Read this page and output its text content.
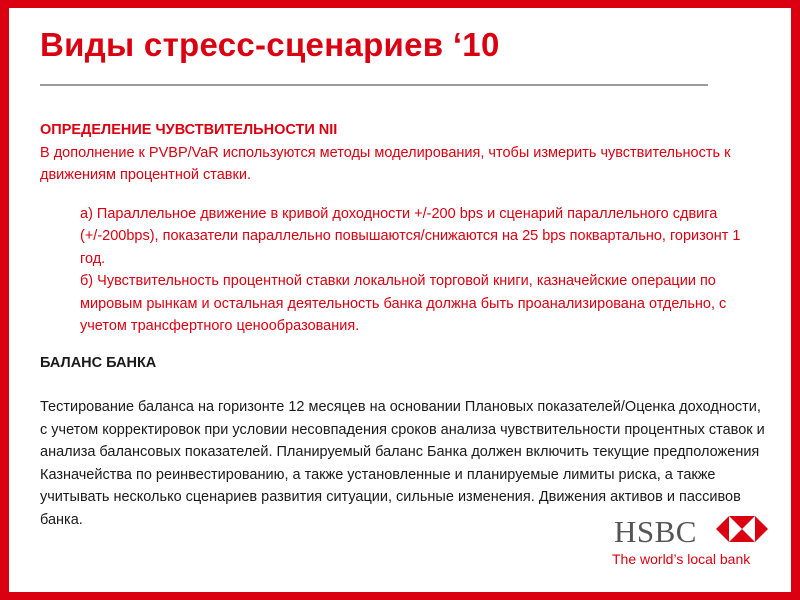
Виды стресс-сценариев ‘10

ОПРЕДЕЛЕНИЕ ЧУВСТВИТЕЛЬНОСТИ NII

В дополнение к PVBP/VaR используются методы моделирования, чтобы измерить чувствительность к движениям процентной ставки.

а) Параллельное движение в кривой доходности +/-200 bps и сценарий параллельного сдвига (+/-200bps), показатели параллельно повышаются/снижаются на 25 bps поквартально, горизонт 1 год.

б) Чувствительность процентной ставки локальной торговой книги, казначейские операции по мировым рынкам и остальная деятельность банка должна быть проанализирована отдельно, с учетом трансфертного ценообразования.

БАЛАНС БАНКА

Тестирование баланса на горизонте 12 месяцев на основании Плановых показателей/Оценка доходности, с учетом корректировок при условии несовпадения сроков анализа чувствительности процентных ставок и анализа балансовых показателей. Планируемый баланс Банка должен включить текущие предположения Казначейства по реинвестированию, а также установленные и планируемые лимиты риска, а также учитывать несколько сценариев развития ситуации, сильные изменения. Движения активов и пассивов банка.	HSBC
The world’s local bank
